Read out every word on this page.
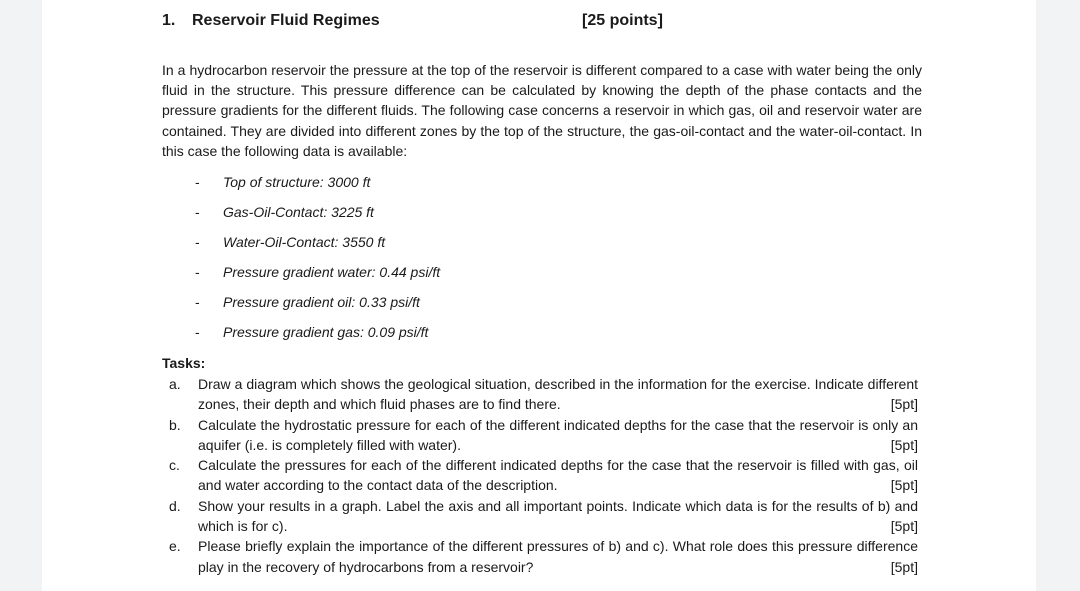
1. Reservoir Fluid Regimes	[25 points]
In a hydrocarbon reservoir the pressure at the top of the reservoir is different compared to a case with water being the only fluid in the structure. This pressure difference can be calculated by knowing the depth of the phase contacts and the pressure gradients for the different fluids. The following case concerns a reservoir in which gas, oil and reservoir water are contained. They are divided into different zones by the top of the structure, the gas-oil-contact and the water-oil-contact. In this case the following data is available:
- Top of structure: 3000 ft
- Gas-Oil-Contact: 3225 ft
- Water-Oil-Contact: 3550 ft
- Pressure gradient water: 0.44 psi/ft
- Pressure gradient oil: 0.33 psi/ft
- Pressure gradient gas: 0.09 psi/ft
Tasks:
a. Draw a diagram which shows the geological situation, described in the information for the exercise. Indicate different zones, their depth and which fluid phases are to find there.	[5pt]
b. Calculate the hydrostatic pressure for each of the different indicated depths for the case that the reservoir is only an aquifer (i.e. is completely filled with water).	[5pt]
c. Calculate the pressures for each of the different indicated depths for the case that the reservoir is filled with gas, oil and water according to the contact data of the description.	[5pt]
d. Show your results in a graph. Label the axis and all important points. Indicate which data is for the results of b) and which is for c).	[5pt]
e. Please briefly explain the importance of the different pressures of b) and c). What role does this pressure difference play in the recovery of hydrocarbons from a reservoir?	[5pt]
